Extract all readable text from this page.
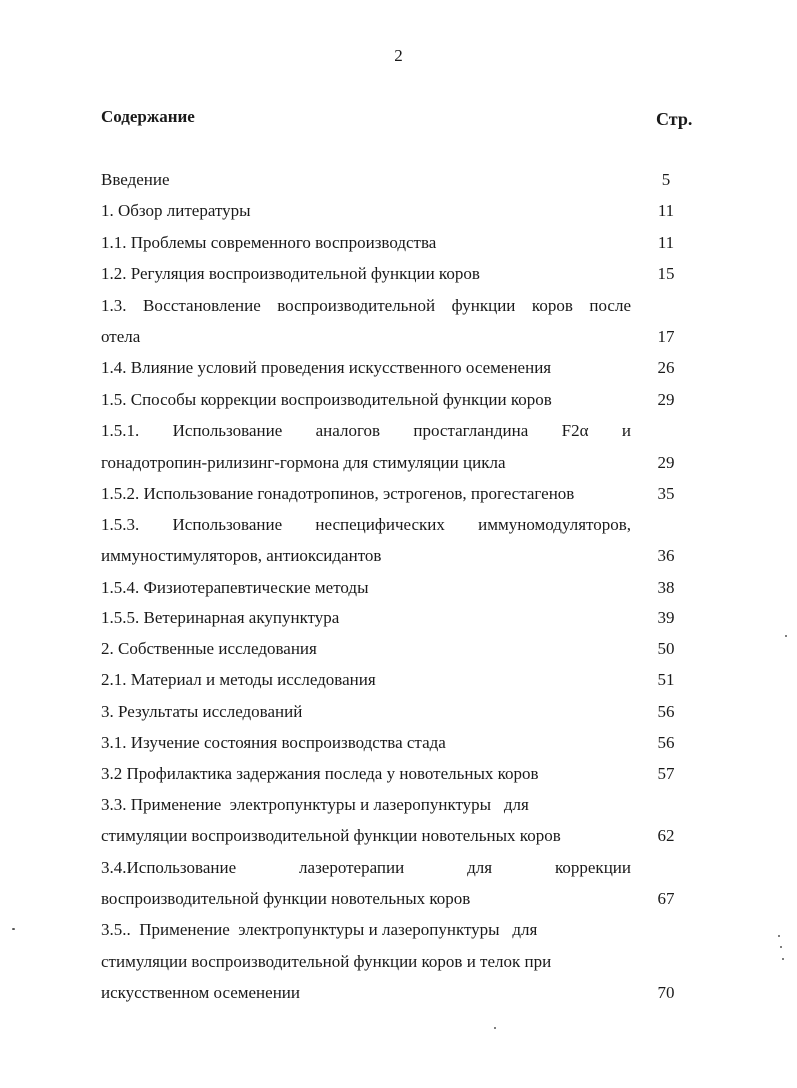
2
Содержание	Стр.
Введение	5
1. Обзор литературы	11
1.1. Проблемы современного воспроизводства	11
1.2. Регуляция воспроизводительной функции коров	15
1.3. Восстановление воспроизводительной функции коров после
отела	17
1.4. Влияние условий проведения искусственного осеменения	26
1.5. Способы коррекции воспроизводительной функции коров	29
1.5.1. Использование аналогов простагландина F2α и
гонадотропин-рилизинг-гормона для стимуляции цикла	29
1.5.2. Использование гонадотропинов, эстрогенов, прогестагенов	35
1.5.3. Использование неспецифических иммуномодуляторов,
иммуностимуляторов, антиоксидантов	36
1.5.4. Физиотерапевтические методы	38
1.5.5. Ветеринарная акупунктура	39
2. Собственные исследования	50
2.1. Материал и методы исследования	51
3. Результаты исследований	56
3.1. Изучение состояния воспроизводства стада	56
3.2 Профилактика задержания последа у новотельных коров	57
3.3. Применение  электропунктуры и лазеропунктуры   для
стимуляции воспроизводительной функции новотельных коров	62
3.4.Использование лазеротерапии для коррекции
воспроизводительной функции новотельных коров	67
3.5..  Применение  электропунктуры и лазеропунктуры   для
стимуляции воспроизводительной функции коров и телок при
искусственном осеменении	70
